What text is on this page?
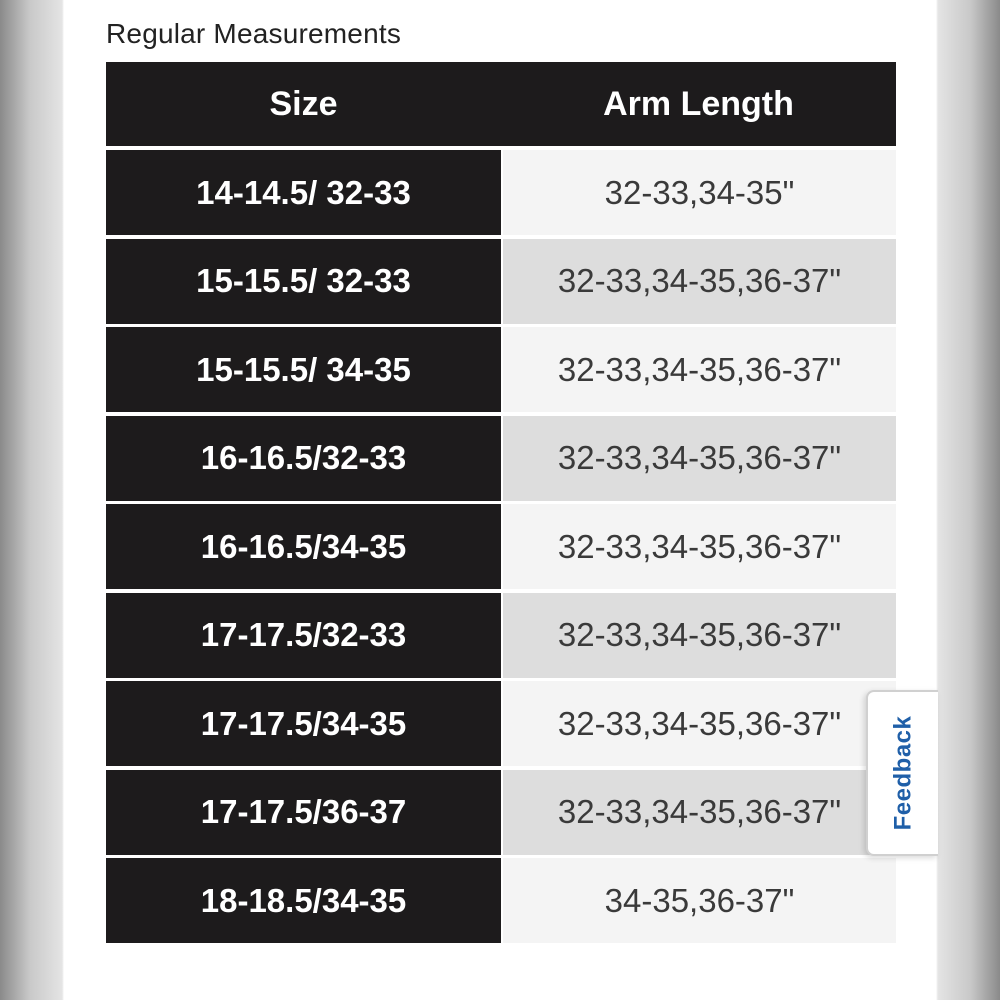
Regular Measurements
Size	Arm Length
14-14.5/ 32-33	32-33,34-35"
15-15.5/ 32-33	32-33,34-35,36-37"
15-15.5/ 34-35	32-33,34-35,36-37"
16-16.5/32-33	32-33,34-35,36-37"
16-16.5/34-35	32-33,34-35,36-37"
17-17.5/32-33	32-33,34-35,36-37"
17-17.5/34-35	32-33,34-35,36-37"
17-17.5/36-37	32-33,34-35,36-37"
18-18.5/34-35	34-35,36-37"
Feedback
